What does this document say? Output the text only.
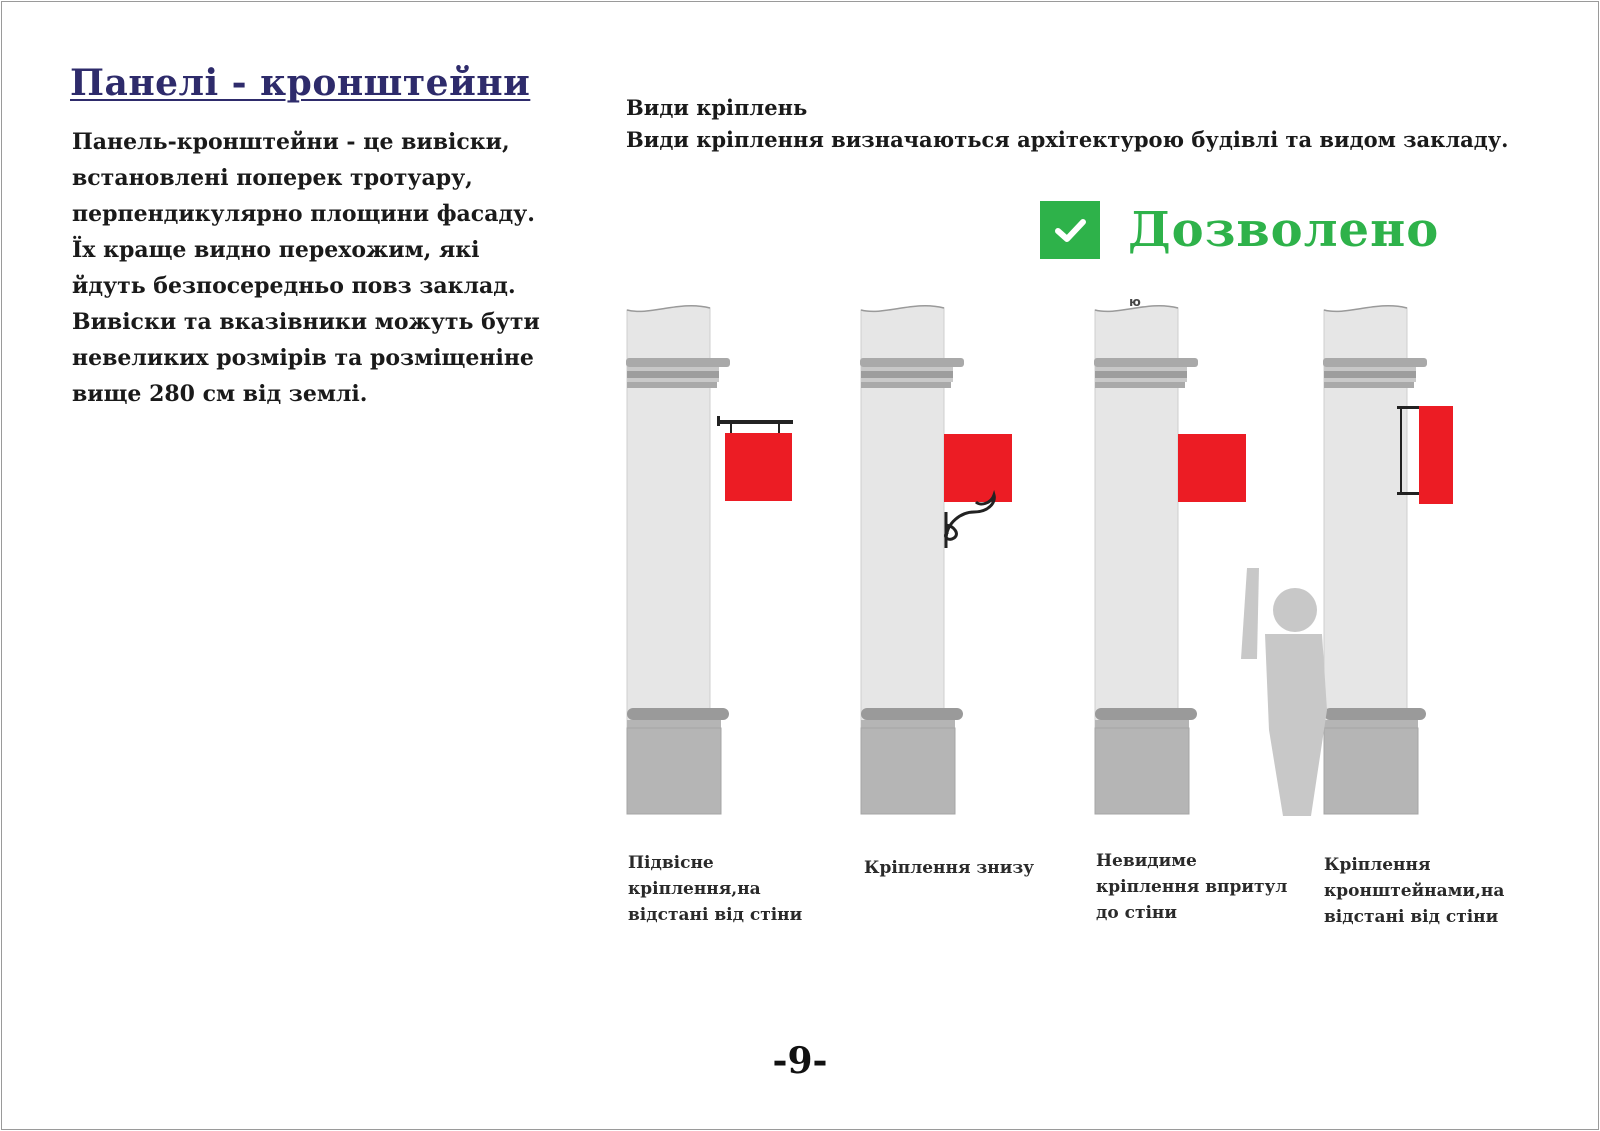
Панелі - кронштейни
Панель-кронштейни - це вивіски,
встановлені поперек тротуару,
перпендикулярно площини фасаду.
Їх краще видно перехожим, які
йдуть безпосередньо повз заклад.
Вивіски та вказівники можуть бути
невеликих розмірів та розміщеніне
вище 280 см від землі.
Види кріплень
Види кріплення визначаються архітектурою будівлі та видом закладу.
Дозволено
ю
Підвісне
кріплення,на
відстані від стіни
Кріплення знизу	Невидиме
кріплення впритул
до стіни
Кріплення
кронштейнами,на
відстані від стіни
-9-
